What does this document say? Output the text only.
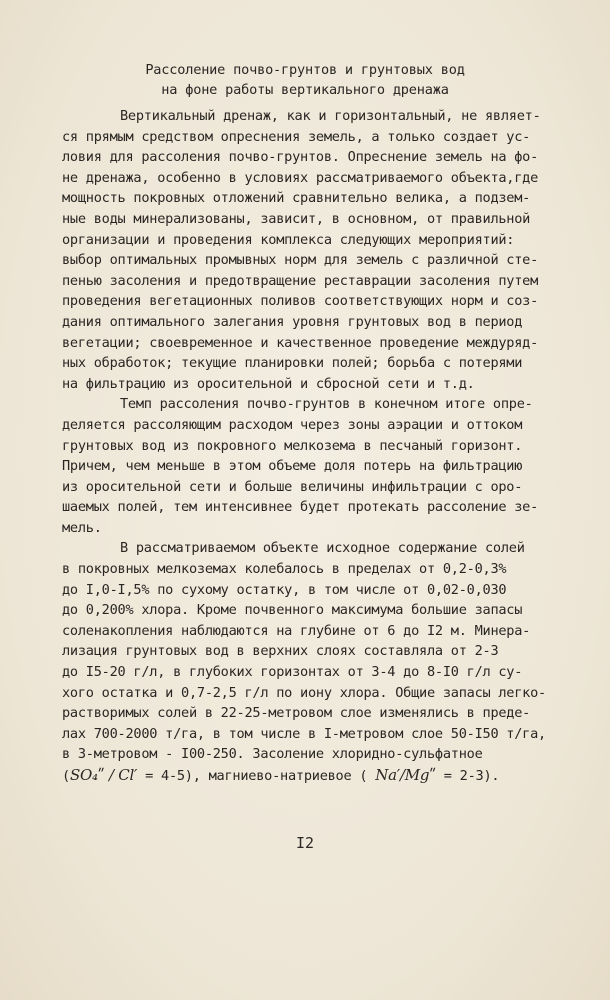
Рассоление почво-грунтов и грунтовых вод
на фоне работы вертикального дренажа
Вертикальный дренаж, как и горизонтальный, не являет-
ся прямым средством опреснения земель, а только создает ус-
ловия для рассоления почво-грунтов. Опреснение земель на фо-
не дренажа, особенно в условиях рассматриваемого объекта,где
мощность покровных отложений сравнительно велика, а подзем-
ные воды минерализованы, зависит, в основном, от правильной
организации и проведения комплекса следующих мероприятий:
выбор оптимальных промывных норм для земель с различной сте-
пенью засоления и предотвращение реставрации засоления путем
проведения вегетационных поливов соответствующих норм и соз-
дания оптимального залегания уровня грунтовых вод в период
вегетации; своевременное и качественное проведение междуряд-
ных обработок; текущие планировки полей; борьба с потерями
на фильтрацию из оросительной и сбросной сети и т.д.
Темп рассоления почво-грунтов в конечном итоге опре-
деляется рассоляющим расходом через зоны аэрации и оттоком
грунтовых вод из покровного мелкозема в песчаный горизонт.
Причем, чем меньше в этом объеме доля потерь на фильтрацию
из оросительной сети и больше величины инфильтрации с оро-
шаемых полей, тем интенсивнее будет протекать рассоление зе-
мель.
В рассматриваемом объекте исходное содержание солей
в покровных мелкоземах колебалось в пределах от 0,2-0,3%
до I,0-I,5% по сухому остатку, в том числе от 0,02-0,030
до 0,200% хлора. Кроме почвенного максимума большие запасы
соленакопления наблюдаются на глубине от 6 до I2 м. Минера-
лизация грунтовых вод в верхних слоях составляла от 2-3
до I5-20 г/л, в глубоких горизонтах от 3-4 до 8-I0 г/л су-
хого остатка и 0,7-2,5 г/л по иону хлора. Общие запасы легко-
растворимых солей в 22-25-метровом слое изменялись в преде-
лах 700-2000 т/га, в том числе в I-метровом слое 50-I50 т/га,
в 3-метровом - I00-250. Засоление хлоридно-сульфатное
(SO₄ʺ / Cl′ = 4-5), магниево-натриевое ( Na′/Mgʺ = 2-3).
I2
